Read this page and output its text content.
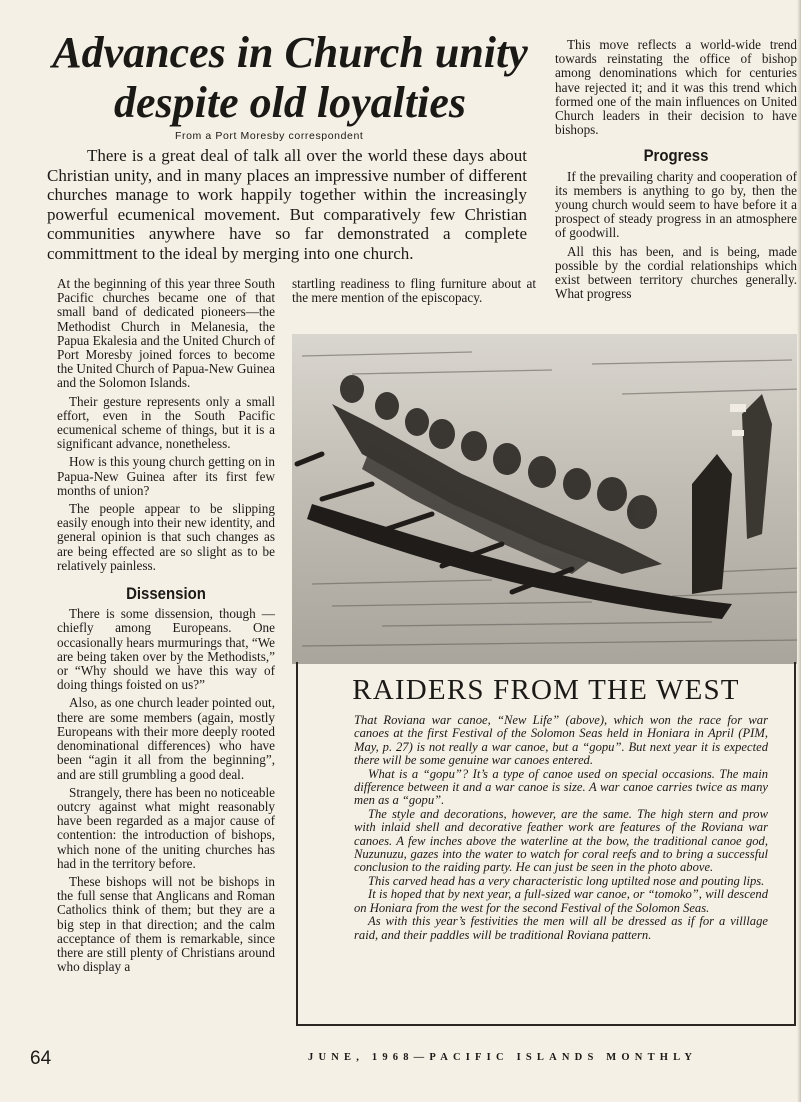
Advances in Church unity
despite old loyalties
From a Port Moresby correspondent
There is a great deal of talk all over the world these days about Christian unity, and in many places an impressive number of different churches manage to work happily together within the increasingly powerful ecumenical movement. But comparatively few Christian communities anywhere have so far demonstrated a complete committment to the ideal by merging into one church.

At the beginning of this year three South Pacific churches became one of that small band of dedicated pioneers—the Methodist Church in Melanesia, the Papua Ekalesia and the United Church of Port Moresby joined forces to become the United Church of Papua-New Guinea and the Solomon Islands.

Their gesture represents only a small effort, even in the South Pacific ecumenical scheme of things, but it is a significant advance, nonetheless.

How is this young church getting on in Papua-New Guinea after its first few months of union?

The people appear to be slipping easily enough into their new identity, and general opinion is that such changes as are being effected are so slight as to be relatively painless.

Dissension

There is some dissension, though —chiefly among Europeans. One occasionally hears murmurings that, “We are being taken over by the Methodists,” or “Why should we have this way of doing things foisted on us?”

Also, as one church leader pointed out, there are some members (again, mostly Europeans with their more deeply rooted denominational differences) who have been “agin it all from the beginning”, and are still grumbling a good deal.

Strangely, there has been no noticeable outcry against what might reasonably have been regarded as a major cause of contention: the introduction of bishops, which none of the uniting churches has had in the territory before.

These bishops will not be bishops in the full sense that Anglicans and Roman Catholics think of them; but they are a big step in that direction; and the calm acceptance of them is remarkable, since there are still plenty of Christians around who display a

startling readiness to fling furniture about at the mere mention of the episcopacy.

This move reflects a world-wide trend towards reinstating the office of bishop among denominations which for centuries have rejected it; and it was this trend which formed one of the main influences on United Church leaders in their decision to have bishops.

Progress

If the prevailing charity and cooperation of its members is anything to go by, then the young church would seem to have before it a prospect of steady progress in an atmosphere of goodwill.

All this has been, and is being, made possible by the cordial relationships which exist between territory churches generally. What progress

RAIDERS FROM THE WEST

That Roviana war canoe, “New Life” (above), which won the race for war canoes at the first Festival of the Solomon Seas held in Honiara in April (PIM, May, p. 27) is not really a war canoe, but a “gopu”. But next year it is expected there will be some genuine war canoes entered.

What is a “gopu”? It’s a type of canoe used on special occasions. The main difference between it and a war canoe is size. A war canoe carries twice as many men as a “gopu”.

The style and decorations, however, are the same. The high stern and prow with inlaid shell and decorative feather work are features of the Roviana war canoes. A few inches above the waterline at the bow, the traditional canoe god, Nuzunuzu, gazes into the water to watch for coral reefs and to bring a successful conclusion to the raiding party. He can just be seen in the photo above.

This carved head has a very characteristic long uptilted nose and pouting lips.

It is hoped that by next year, a full-sized war canoe, or “tomoko”, will descend on Honiara from the west for the second Festival of the Solomon Seas.

As with this year’s festivities the men will all be dressed as if for a villlage raid, and their paddles will be traditional Roviana pattern.

64	JUNE, 1968—PACIFIC ISLANDS MONTHLY
